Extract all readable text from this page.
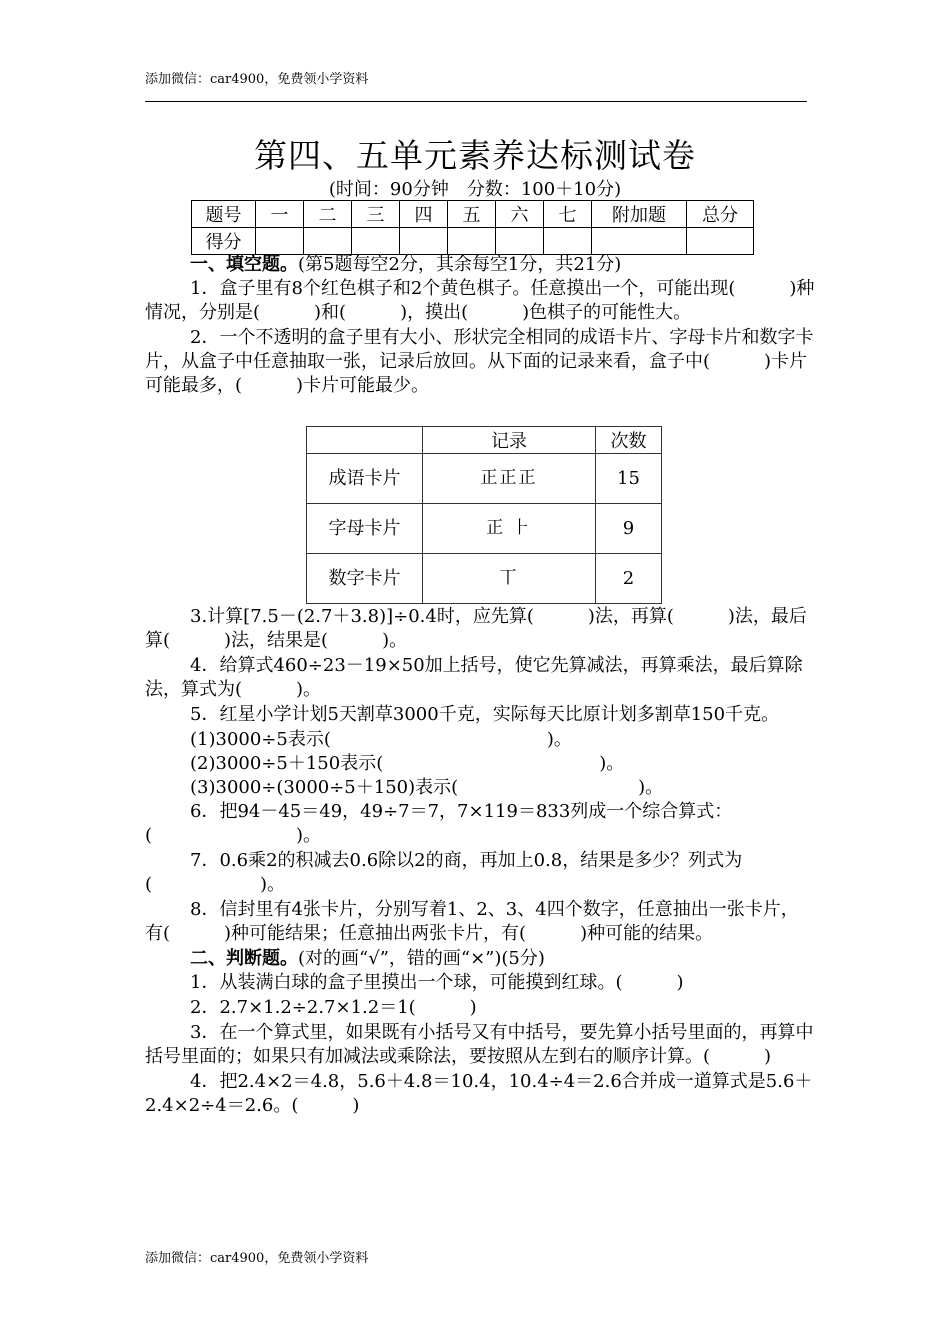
添加微信：car4900，免费领小学资料
第四、五单元素养达标测试卷
(时间：90分钟　分数：100＋10分)
题号	一	二	三	四	五	六	七	附加题	总分
得分									
一、填空题。(第5题每空2分，其余每空1分，共21分)
1．盒子里有8个红色棋子和2个黄色棋子。任意摸出一个，可能出现(　　　)种情况，分别是(　　　)和(　　　)，摸出(　　　)色棋子的可能性大。
2．一个不透明的盒子里有大小、形状完全相同的成语卡片、字母卡片和数字卡片，从盒子中任意抽取一张，记录后放回。从下面的记录来看，盒子中(　　　)卡片可能最多，(　　　)卡片可能最少。
	记录	次数
成语卡片	正正正	15
字母卡片	正 ⺊	9
数字卡片	丅	2
3.计算[7.5－(2.7＋3.8)]÷0.4时，应先算(　　　)法，再算(　　　)法，最后算(　　　)法，结果是(　　　)。
4．给算式460÷23－19×50加上括号，使它先算减法，再算乘法，最后算除法，算式为(　　　)。
5．红星小学计划5天割草3000千克，实际每天比原计划多割草150千克。
(1)3000÷5表示(　　　　　　　　　　　　)。
(2)3000÷5＋150表示(　　　　　　　　　　　　)。
(3)3000÷(3000÷5＋150)表示(　　　　　　　　　　)。
6．把94－45＝49，49÷7＝7，7×119＝833列成一个综合算式：(　　　　　　　　)。
7．0.6乘2的积减去0.6除以2的商，再加上0.8，结果是多少？列式为(　　　　　　)。
8．信封里有4张卡片，分别写着1、2、3、4四个数字，任意抽出一张卡片，有(　　　)种可能结果；任意抽出两张卡片，有(　　　)种可能的结果。
二、判断题。(对的画“√”，错的画“×”)(5分)
1．从装满白球的盒子里摸出一个球，可能摸到红球。(　　　)
2．2.7×1.2÷2.7×1.2＝1(　　　)
3．在一个算式里，如果既有小括号又有中括号，要先算小括号里面的，再算中括号里面的；如果只有加减法或乘除法，要按照从左到右的顺序计算。(　　　)
4．把2.4×2＝4.8，5.6＋4.8＝10.4，10.4÷4＝2.6合并成一道算式是5.6＋2.4×2÷4＝2.6。(　　　)
添加微信：car4900，免费领小学资料
